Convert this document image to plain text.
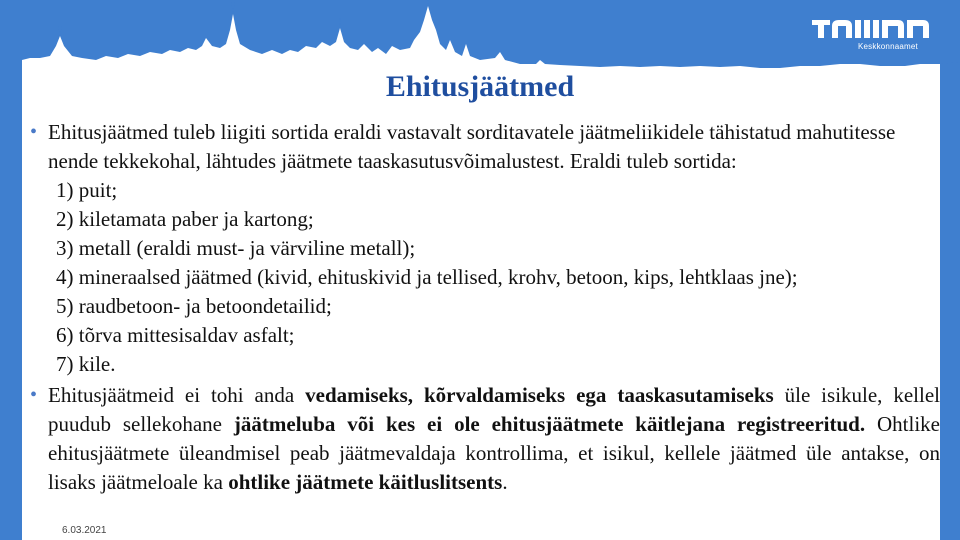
Keskkonnaamet
Ehitusjäätmed
• Ehitusjäätmed tuleb liigiti sortida eraldi vastavalt sorditavatele jäätmeliikidele tähistatud mahutitesse nende tekkekohal, lähtudes jäätmete taaskasutusvõimalustest. Eraldi tuleb sortida:
1) puit;
2) kiletamata paber ja kartong;
3) metall (eraldi must- ja värviline metall);
4) mineraalsed jäätmed (kivid, ehituskivid ja tellised, krohv, betoon, kips, lehtklaas jne);
5) raudbetoon- ja betoondetailid;
6) tõrva mittesisaldav asfalt;
7) kile.
• Ehitusjäätmeid ei tohi anda vedamiseks, kõrvaldamiseks ega taaskasutamiseks üle isikule, kellel puudub sellekohane jäätmeluba või kes ei ole ehitusjäätmete käitlejana registreeritud. Ohtlike ehitusjäätmete üleandmisel peab jäätmevaldaja kontrollima, et isikul, kellele jäätmed üle antakse, on lisaks jäätmeloale ka ohtlike jäätmete käitluslitsents.
6.03.2021
